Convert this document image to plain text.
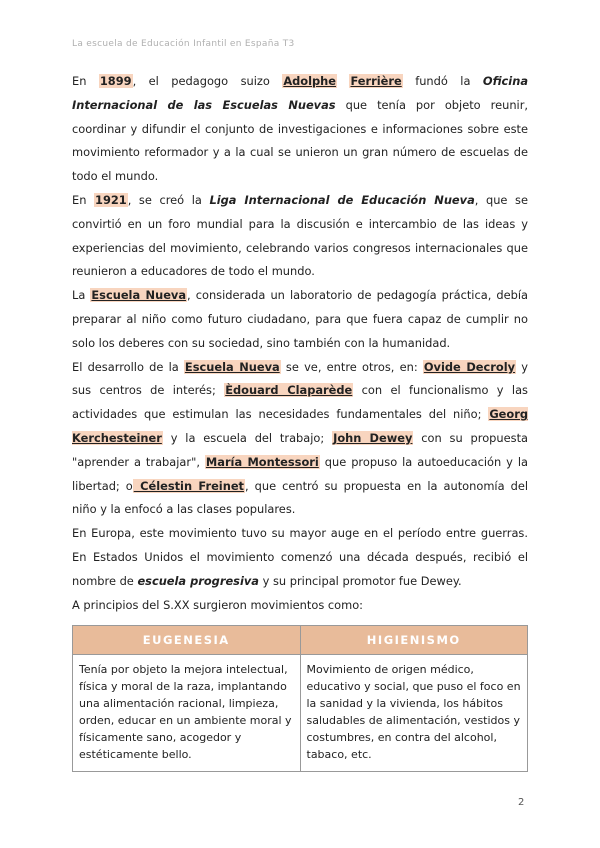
La escuela de Educación Infantil en España T3

En 1899, el pedagogo suizo Adolphe Ferrière fundó la Oficina Internacional de las Escuelas Nuevas que tenía por objeto reunir, coordinar y difundir el conjunto de investigaciones e informaciones sobre este movimiento reformador y a la cual se unieron un gran número de escuelas de todo el mundo.

En 1921, se creó la Liga Internacional de Educación Nueva, que se convirtió en un foro mundial para la discusión e intercambio de las ideas y experiencias del movimiento, celebrando varios congresos internacionales que reunieron a educadores de todo el mundo.

La Escuela Nueva, considerada un laboratorio de pedagogía práctica, debía preparar al niño como futuro ciudadano, para que fuera capaz de cumplir no solo los deberes con su sociedad, sino también con la humanidad.

El desarrollo de la Escuela Nueva se ve, entre otros, en: Ovide Decroly y sus centros de interés; Èdouard Claparède con el funcionalismo y las actividades que estimulan las necesidades fundamentales del niño; Georg Kerchesteiner y la escuela del trabajo; John Dewey con su propuesta "aprender a trabajar", María Montessori que propuso la autoeducación y la libertad; o Célestin Freinet, que centró su propuesta en la autonomía del niño y la enfocó a las clases populares.

En Europa, este movimiento tuvo su mayor auge en el período entre guerras. En Estados Unidos el movimiento comenzó una década después, recibió el nombre de escuela progresiva y su principal promotor fue Dewey.

A principios del S.XX surgieron movimientos como:

EUGENESIA	HIGIENISMO
Tenía por objeto la mejora intelectual, física y moral de la raza, implantando una alimentación racional, limpieza, orden, educar en un ambiente moral y físicamente sano, acogedor y estéticamente bello.	Movimiento de origen médico, educativo y social, que puso el foco en la sanidad y la vivienda, los hábitos saludables de alimentación, vestidos y costumbres, en contra del alcohol, tabaco, etc.
2
